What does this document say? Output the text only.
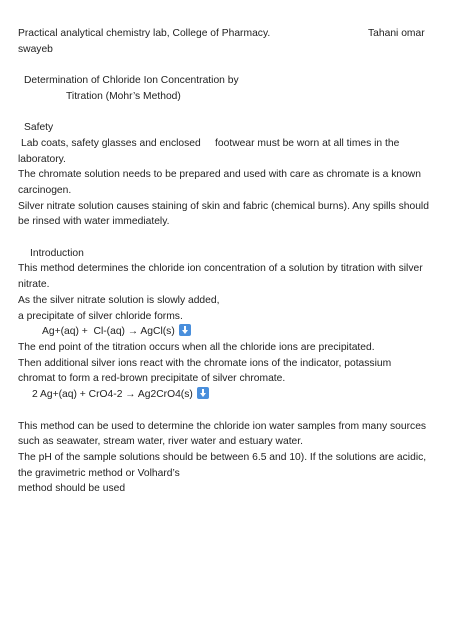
Practical analytical chemistry lab, College of Pharmacy.	Tahani omar
swayeb
Determination of Chloride Ion Concentration by
Titration (Mohr’s Method)
Safety
Lab coats, safety glasses and enclosed     footwear must be worn at all times in the
laboratory.
The chromate solution needs to be prepared and used with care as chromate is a known
carcinogen.
Silver nitrate solution causes staining of skin and fabric (chemical burns). Any spills should
be rinsed with water immediately.
Introduction
This method determines the chloride ion concentration of a solution by titration with silver
nitrate.
As the silver nitrate solution is slowly added,
a precipitate of silver chloride forms.
Ag+(aq) +  Cl-(aq) → AgCl(s)
The end point of the titration occurs when all the chloride ions are precipitated.
Then additional silver ions react with the chromate ions of the indicator, potassium
chromat to form a red-brown precipitate of silver chromate.
2 Ag+(aq) + CrO4-2 → Ag2CrO4(s)
This method can be used to determine the chloride ion water samples from many sources
such as seawater, stream water, river water and estuary water.
The pH of the sample solutions should be between 6.5 and 10). If the solutions are acidic,
the gravimetric method or Volhard’s
method should be used
